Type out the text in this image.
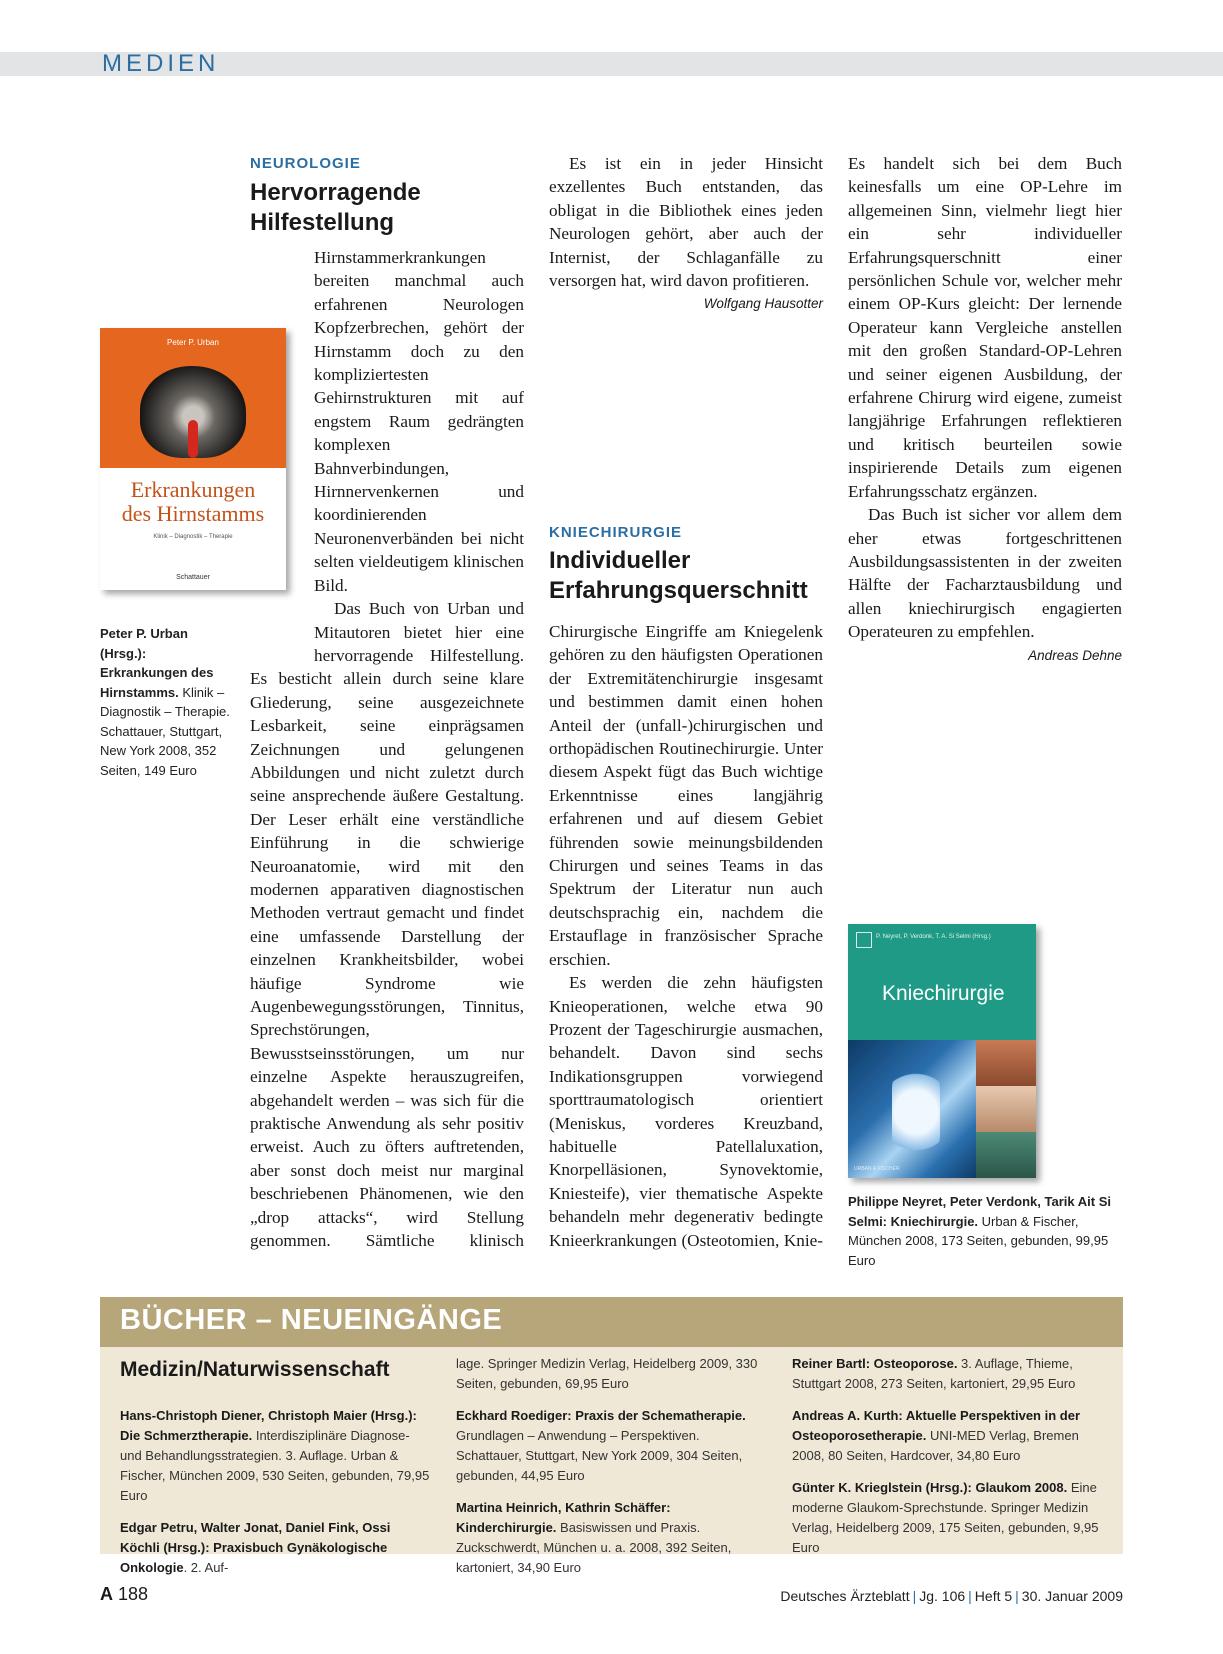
MEDIEN
NEUROLOGIE
Hervorragende Hilfestellung
Peter P. Urban
Erkrankungen
des Hirnstamms
Klinik – Diagnostik – Therapie
Schattauer
Peter P. Urban (Hrsg.): Erkrankungen des Hirnstamms. Klinik – Diagnostik – Therapie. Schattauer, Stuttgart, New York 2008, 352 Seiten, 149 Euro

Hirnstammerkrankungen bereiten manchmal auch erfahrenen Neurologen Kopfzerbrechen, gehört der Hirnstamm doch zu den kompliziertesten Gehirnstrukturen mit auf engstem Raum gedrängten komplexen Bahnverbindungen, Hirnnervenkernen und koordinierenden Neuronenverbänden bei nicht selten vieldeutigem klinischen Bild.

Das Buch von Urban und Mitautoren bietet hier eine hervorragende Hilfestellung. Es besticht allein durch seine klare Gliederung, seine ausgezeichnete Lesbarkeit, seine einprägsamen Zeichnungen und gelungenen Abbildungen und nicht zuletzt durch seine ansprechende äußere Gestaltung. Der Leser erhält eine verständliche Einführung in die schwierige Neuroanatomie, wird mit den modernen apparativen diagnostischen Methoden vertraut gemacht und findet eine umfassende Darstellung der einzelnen Krankheitsbilder, wobei häufige Syndrome wie Augenbewegungsstörungen, Tinnitus, Sprechstörungen, Bewusstseinsstörungen, um nur einzelne Aspekte herauszugreifen, abgehandelt werden – was sich für die praktische Anwendung als sehr positiv erweist. Auch zu öfters auftretenden, aber sonst doch meist nur marginal beschriebenen Phänomenen, wie den „drop attacks“, wird Stellung genommen. Sämtliche klinisch

Es ist ein in jeder Hinsicht exzellentes Buch entstanden, das obligat in die Bibliothek eines jeden Neurologen gehört, aber auch der Internist, der Schlaganfälle zu versorgen hat, wird davon profitieren.

Wolfgang Hausotter
KNIECHIRURGIE
Individueller Erfahrungsquerschnitt

Chirurgische Eingriffe am Kniegelenk gehören zu den häufigsten Operationen der Extremitätenchirurgie insgesamt und bestimmen damit einen hohen Anteil der (unfall-)chirurgischen und orthopädischen Routinechirurgie. Unter diesem Aspekt fügt das Buch wichtige Erkenntnisse eines langjährig erfahrenen und auf diesem Gebiet führenden sowie meinungsbildenden Chirurgen und seines Teams in das Spektrum der Literatur nun auch deutschsprachig ein, nachdem die Erstauflage in französischer Sprache erschien.

Es werden die zehn häufigsten Knieoperationen, welche etwa 90 Prozent der Tageschirurgie ausmachen, behandelt. Davon sind sechs Indikationsgruppen vorwiegend sporttraumatologisch orientiert (Meniskus, vorderes Kreuzband, habituelle Patellaluxation, Knorpelläsionen, Synovektomie, Kniesteife), vier thematische Aspekte behandeln mehr degenerativ bedingte Knieerkrankungen (Osteotomien, Knie-

Es handelt sich bei dem Buch keinesfalls um eine OP-Lehre im allgemeinen Sinn, vielmehr liegt hier ein sehr individueller Erfahrungsquerschnitt einer persönlichen Schule vor, welcher mehr einem OP-Kurs gleicht: Der lernende Operateur kann Vergleiche anstellen mit den großen Standard-OP-Lehren und seiner eigenen Ausbildung, der erfahrene Chirurg wird eigene, zumeist langjährige Erfahrungen reflektieren und kritisch beurteilen sowie inspirierende Details zum eigenen Erfahrungsschatz ergänzen.

Das Buch ist sicher vor allem dem eher etwas fortgeschrittenen Ausbildungsassistenten in der zweiten Hälfte der Facharztausbildung und allen kniechirurgisch engagierten Operateuren zu empfehlen.

Andreas Dehne
P. Neyret, P. Verdonk, T. A. Si Selmi (Hrsg.)
Kniechirurgie
URBAN & FISCHER
Philippe Neyret, Peter Verdonk, Tarik Ait Si Selmi: Kniechirurgie. Urban & Fischer, München 2008, 173 Seiten, gebunden, 99,95 Euro
BÜCHER – NEUEINGÄNGE
Medizin/Naturwissenschaft

Hans-Christoph Diener, Christoph Maier (Hrsg.): Die Schmerztherapie. Interdisziplinäre Diagnose- und Behandlungsstrategien. 3. Auflage. Urban & Fischer, München 2009, 530 Seiten, gebunden, 79,95 Euro

Edgar Petru, Walter Jonat, Daniel Fink, Ossi Köchli (Hrsg.): Praxisbuch Gynäkologische Onkologie. 2. Auf-

lage. Springer Medizin Verlag, Heidelberg 2009, 330 Seiten, gebunden, 69,95 Euro

Eckhard Roediger: Praxis der Schematherapie. Grundlagen – Anwendung – Perspektiven. Schattauer, Stuttgart, New York 2009, 304 Seiten, gebunden, 44,95 Euro

Martina Heinrich, Kathrin Schäffer: Kinderchirurgie. Basiswissen und Praxis. Zuckschwerdt, München u. a. 2008, 392 Seiten, kartoniert, 34,90 Euro

Reiner Bartl: Osteoporose. 3. Auflage, Thieme, Stuttgart 2008, 273 Seiten, kartoniert, 29,95 Euro

Andreas A. Kurth: Aktuelle Perspektiven in der Osteoporosetherapie. UNI-MED Verlag, Bremen 2008, 80 Seiten, Hardcover, 34,80 Euro

Günter K. Krieglstein (Hrsg.): Glaukom 2008. Eine moderne Glaukom-Sprechstunde. Springer Medizin Verlag, Heidelberg 2009, 175 Seiten, gebunden, 9,95 Euro

A 188	Deutsches Ärzteblatt | Jg. 106 | Heft 5 | 30. Januar 2009
